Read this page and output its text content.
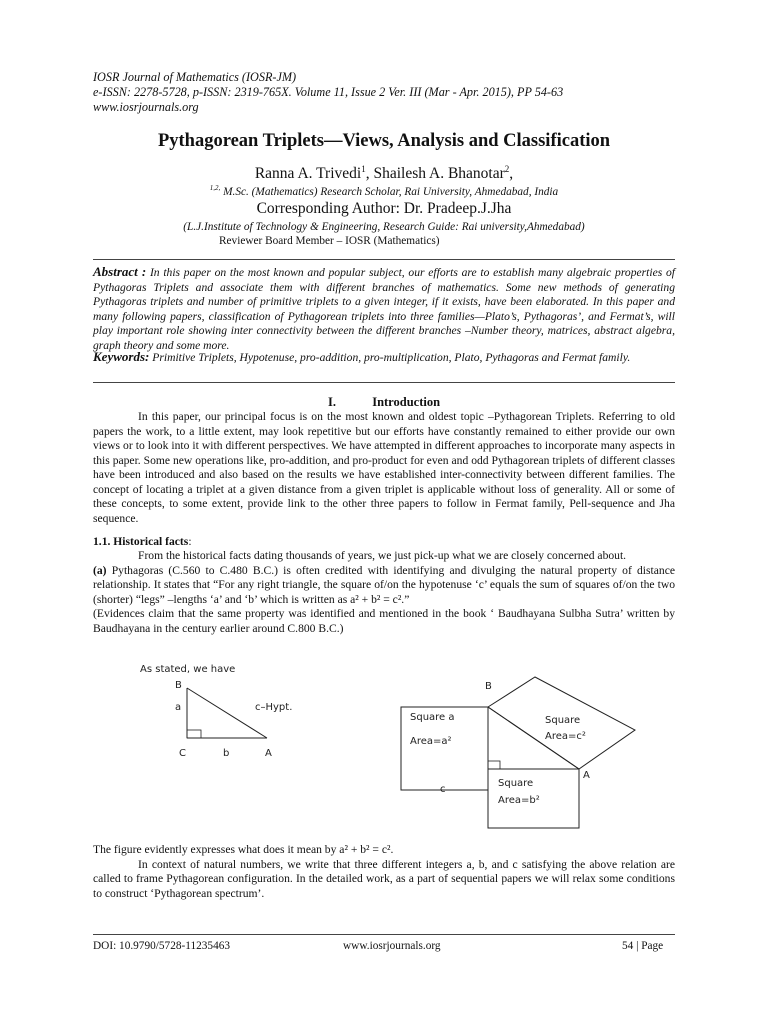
IOSR Journal of Mathematics (IOSR-JM)
e-ISSN: 2278-5728, p-ISSN: 2319-765X. Volume 11, Issue 2 Ver. III (Mar - Apr. 2015), PP 54-63
www.iosrjournals.org
Pythagorean Triplets—Views, Analysis and Classification
Ranna A. Trivedi$^1$, Shailesh A. Bhanotar$^2$,
$^{1,2,}$ M.Sc. (Mathematics) Research Scholar, Rai University, Ahmedabad, India
Corresponding Author: Dr. Pradeep.J.Jha
(L.J.Institute of Technology & Engineering, Research Guide: Rai university,Ahmedabad)
Reviewer Board Member – IOSR (Mathematics)
Abstract : In this paper on the most known and popular subject, our efforts are to establish many algebraic properties of Pythagoras Triplets and associate them with different branches of mathematics. Some new methods of generating Pythagoras triplets and number of primitive triplets to a given integer, if it exists, have been elaborated. In this paper and many following papers, classification of Pythagorean triplets into three families—Plato’s, Pythagoras’, and Fermat’s, will play important role showing inter connectivity between the different branches –Number theory, matrices, abstract algebra, graph theory and some more.
Keywords: Primitive Triplets, Hypotenuse, pro-addition, pro-multiplication, Plato, Pythagoras and Fermat family.
I.	Introduction

In this paper, our principal focus is on the most known and oldest topic –Pythagorean Triplets. Referring to old papers the work, to a little extent, may look repetitive but our efforts have constantly remained to either provide our own views or to look into it with different perspectives. We have attempted in different approaches to incorporate many aspects in this paper. Some new operations like, pro-addition, and pro-product for even and odd Pythagorean triplets of different classes have been introduced and also based on the results we have established inter-connectivity between different families. The concept of locating a triplet at a given distance from a given triplet is applicable without loss of generality. All or some of these concepts, to some extent, provide link to the other three papers to follow in Fermat family, Pell-sequence and Jha sequence.

1.1. Historical facts:

From the historical facts dating thousands of years, we just pick-up what we are closely concerned about.

(a) Pythagoras (C.560 to C.480 B.C.) is often credited with identifying and divulging the natural property of distance relationship. It states that “For any right triangle, the square of/on the hypotenuse ‘c’ equals the sum of squares of/on the two (shorter) “legs” –lengths ‘a’ and ‘b’ which is written as a² + b² = c².”

(Evidences claim that the same property was identified and mentioned in the book ‘ Baudhayana Sulbha Sutra’ written by Baudhayana in the century earlier around C.800 B.C.)

As stated, we have
B
a	c–Hypt.
C	b	A
B
A
c
Square a
Area=a²
Square
Area=c²
Square
Area=b²

The figure evidently expresses what does it mean by a² + b² = c².

In context of natural numbers, we write that three different integers a, b, and c satisfying the above relation are called to frame Pythagorean configuration. In the detailed work, as a part of sequential papers we will relax some conditions to construct ‘Pythagorean spectrum’.

DOI: 10.9790/5728-11235463	www.iosrjournals.org	54 | Page
